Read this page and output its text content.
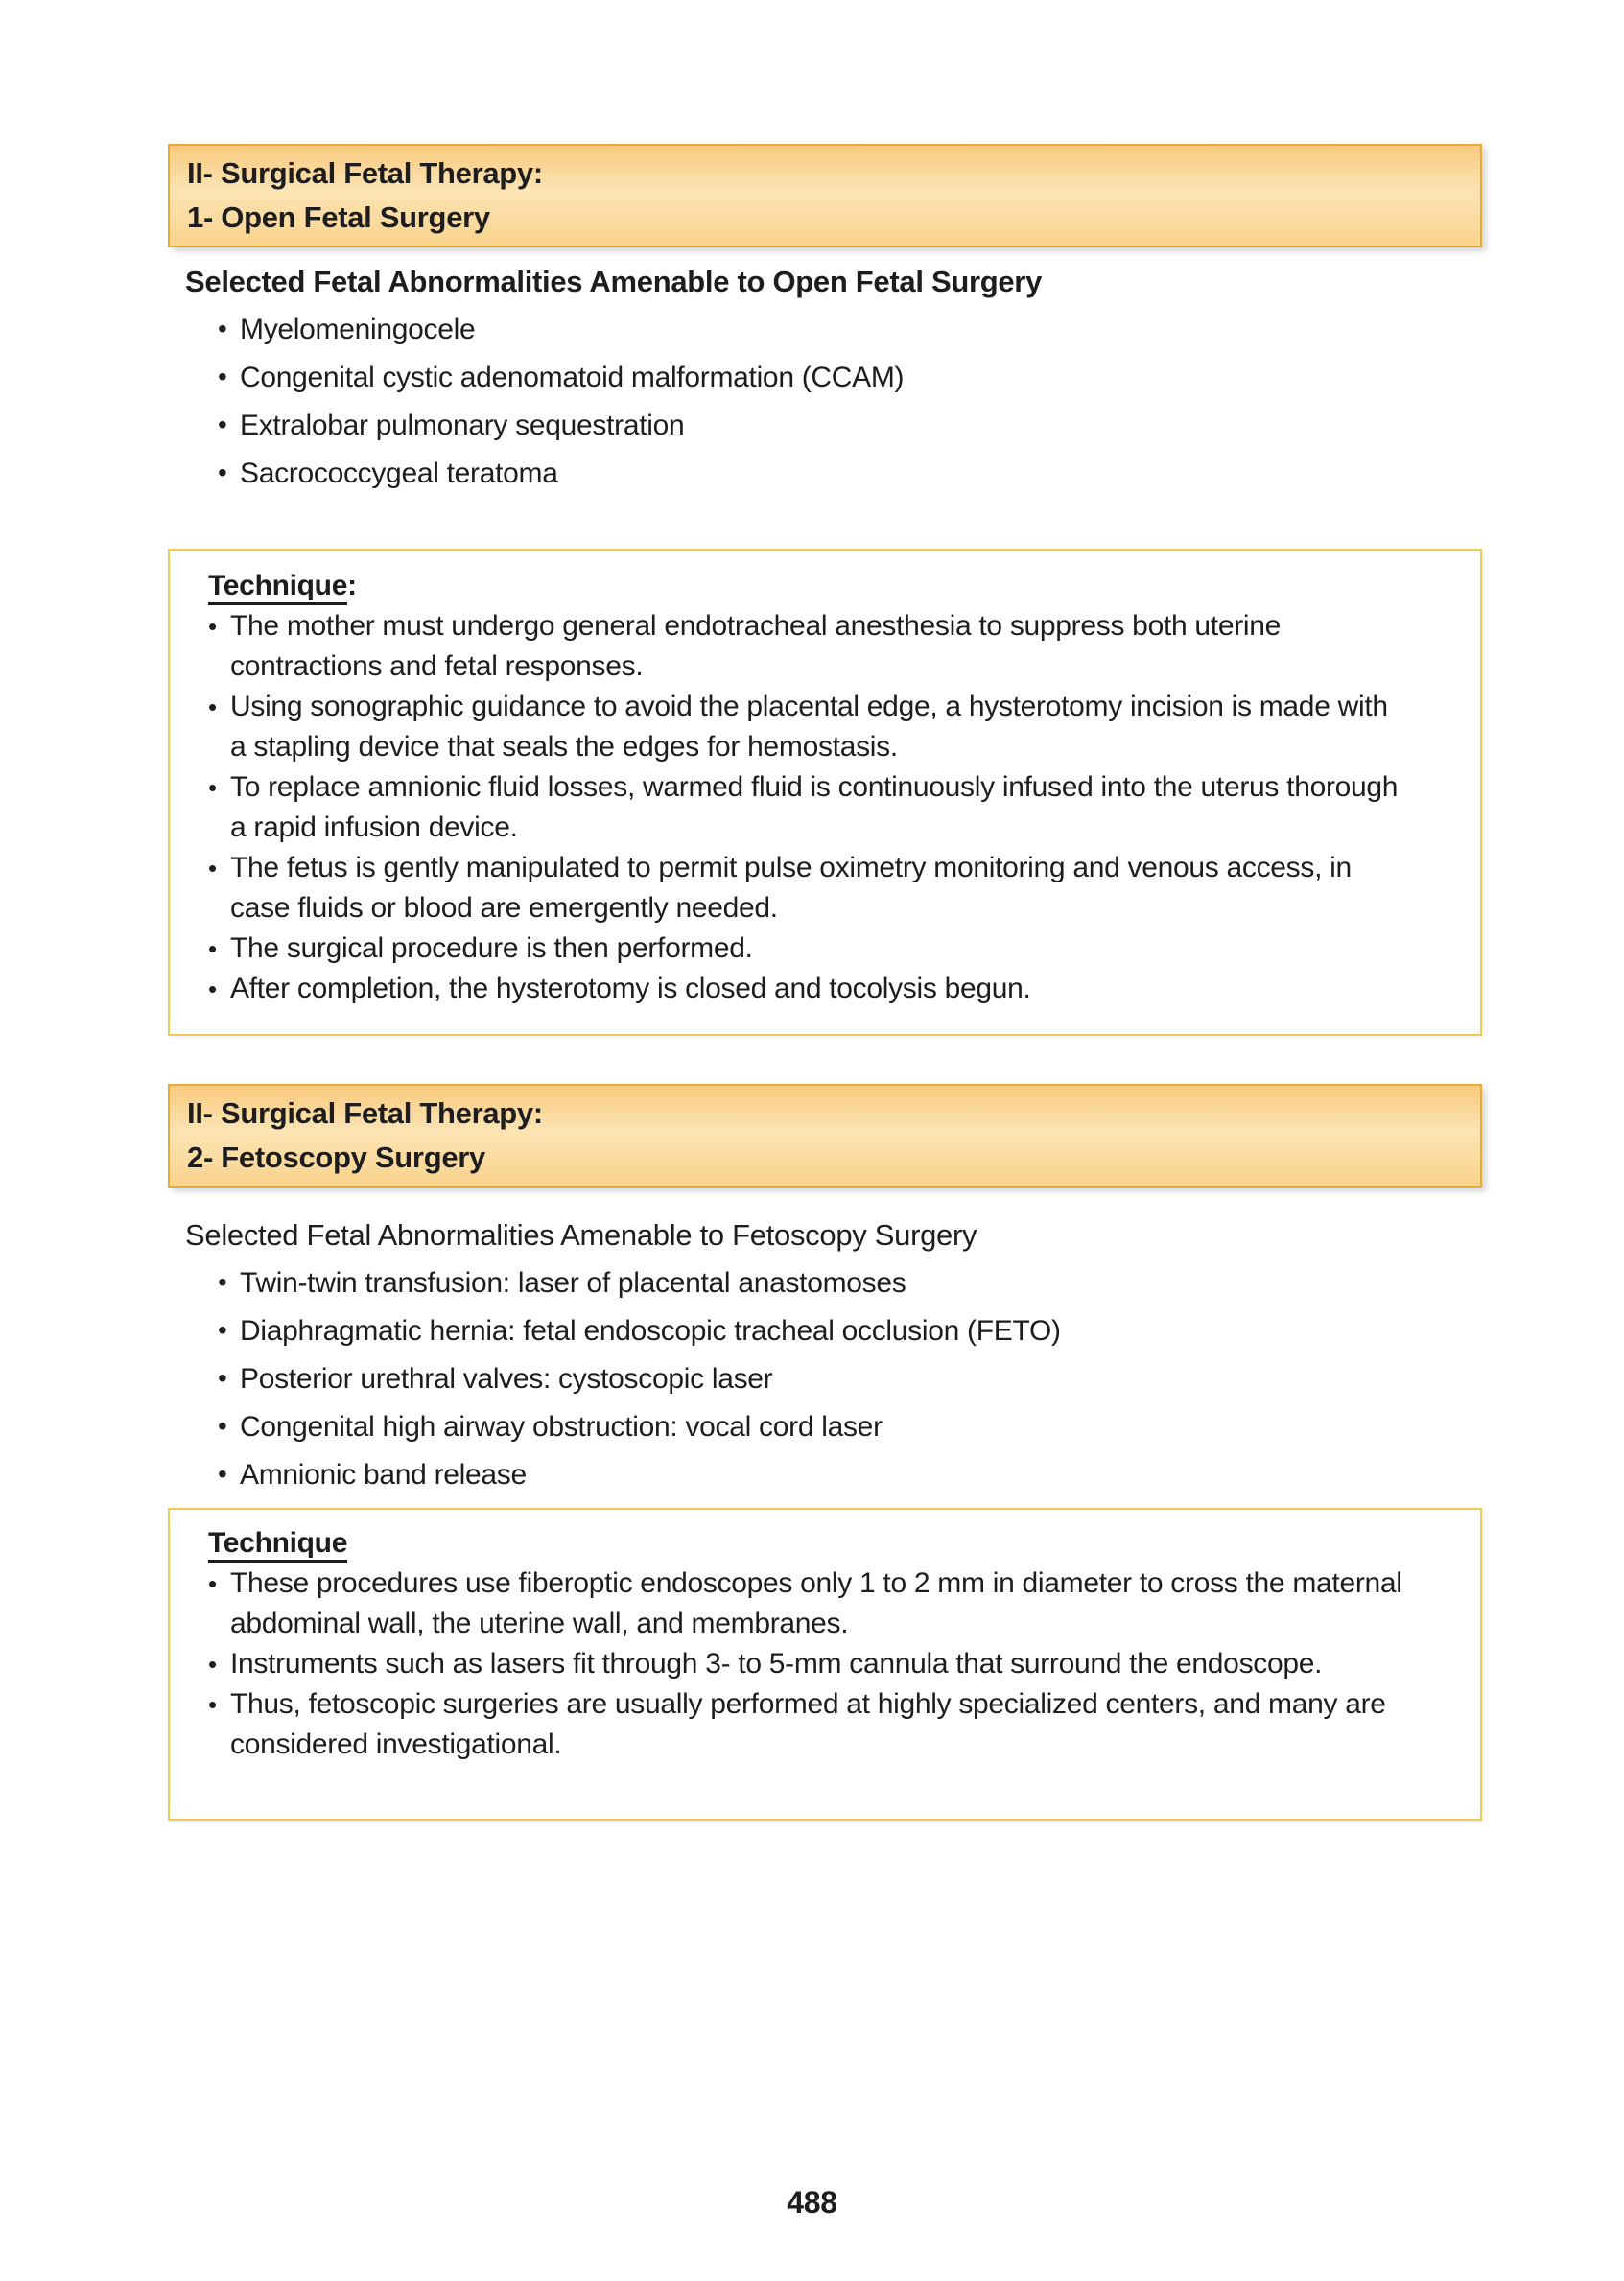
II- Surgical Fetal Therapy:
1- Open Fetal Surgery
Selected Fetal Abnormalities Amenable to Open Fetal Surgery
• Myelomeningocele
• Congenital cystic adenomatoid malformation (CCAM)
• Extralobar pulmonary sequestration
• Sacrococcygeal teratoma
Technique:
• The mother must undergo general endotracheal anesthesia to suppress both uterine contractions and fetal responses.
• Using sonographic guidance to avoid the placental edge, a hysterotomy incision is made with a stapling device that seals the edges for hemostasis.
• To replace amnionic fluid losses, warmed fluid is continuously infused into the uterus thorough a rapid infusion device.
• The fetus is gently manipulated to permit pulse oximetry monitoring and venous access, in case fluids or blood are emergently needed.
• The surgical procedure is then performed.
• After completion, the hysterotomy is closed and tocolysis begun.
II- Surgical Fetal Therapy:
2- Fetoscopy Surgery
Selected Fetal Abnormalities Amenable to Fetoscopy Surgery
• Twin-twin transfusion: laser of placental anastomoses
• Diaphragmatic hernia: fetal endoscopic tracheal occlusion (FETO)
• Posterior urethral valves: cystoscopic laser
• Congenital high airway obstruction: vocal cord laser
• Amnionic band release
Technique
• These procedures use fiberoptic endoscopes only 1 to 2 mm in diameter to cross the maternal abdominal wall, the uterine wall, and membranes.
• Instruments such as lasers fit through 3- to 5-mm cannula that surround the endoscope.
• Thus, fetoscopic surgeries are usually performed at highly specialized centers, and many are considered investigational.
488
